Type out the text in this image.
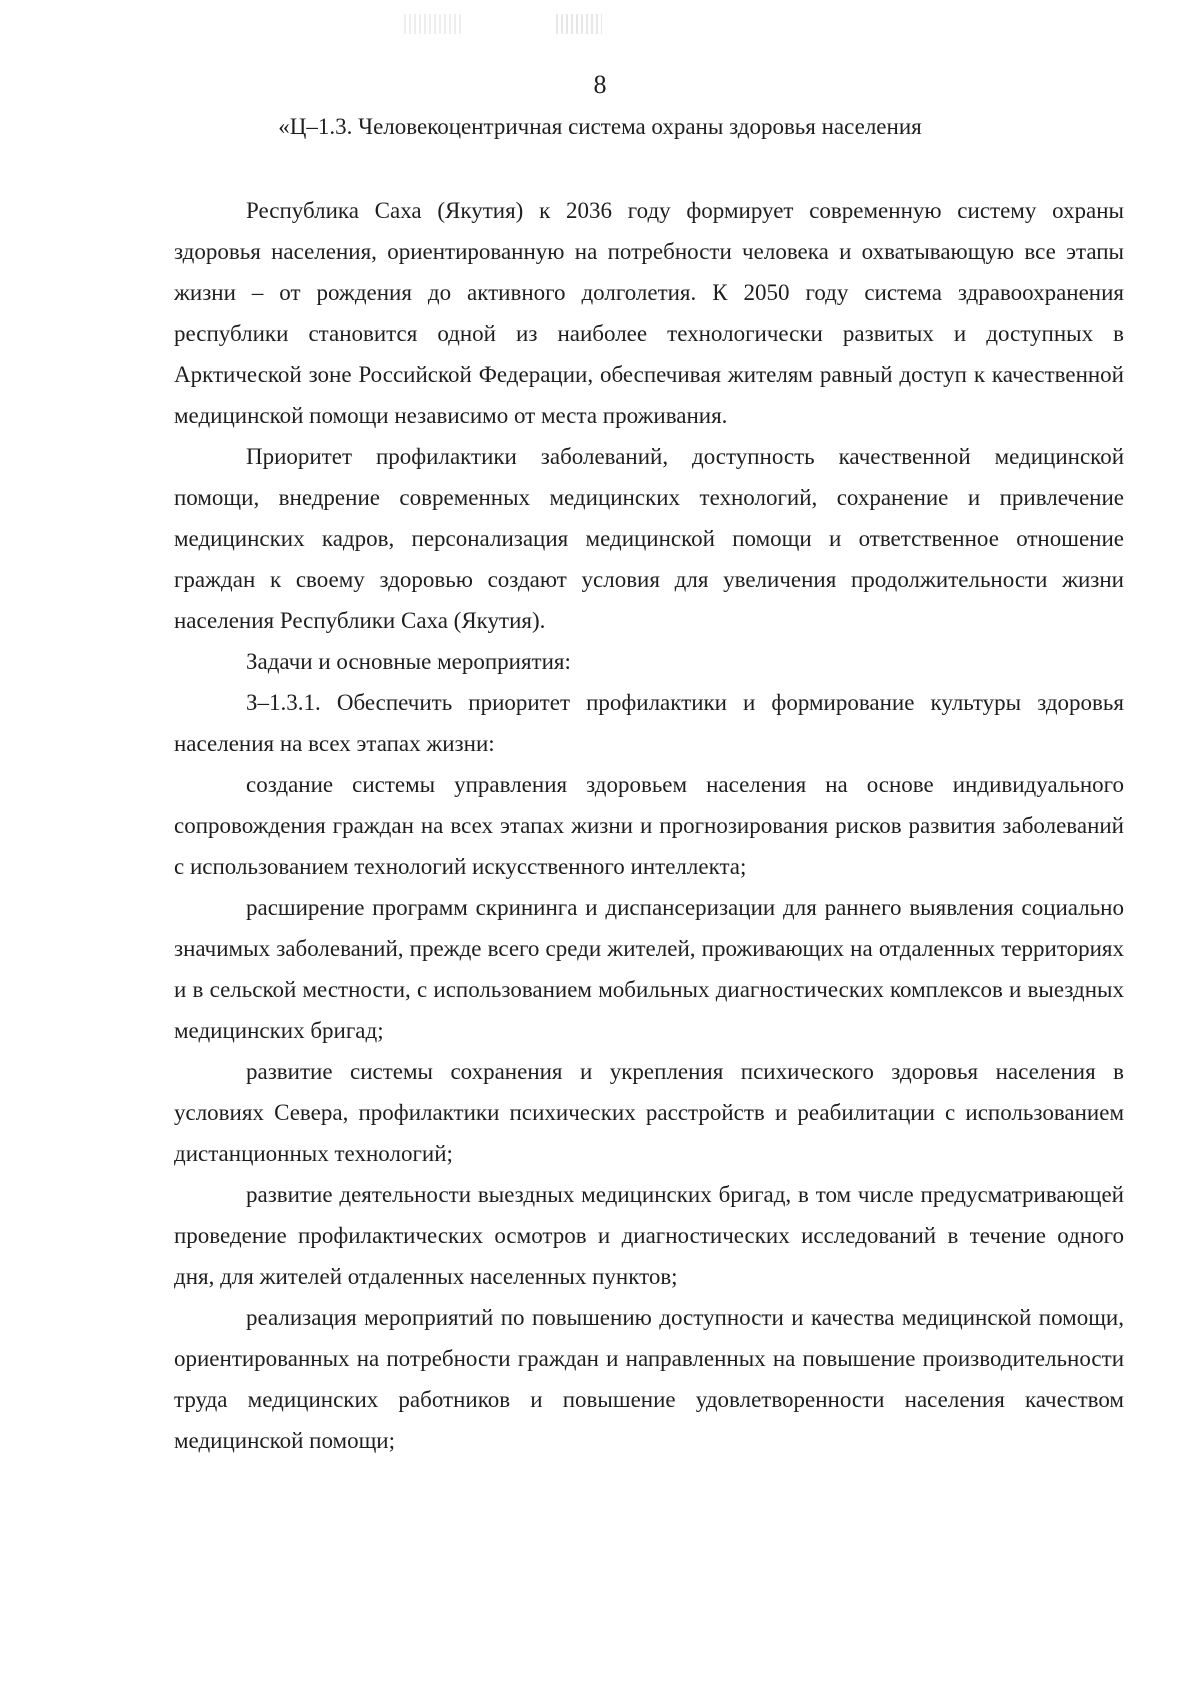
8
«Ц–1.3. Человекоцентричная система охраны здоровья населения

Республика Саха (Якутия) к 2036 году формирует современную систему охраны здоровья населения, ориентированную на потребности человека и охватывающую все этапы жизни – от рождения до активного долголетия. К 2050 году система здравоохранения республики становится одной из наиболее технологически развитых и доступных в Арктической зоне Российской Федерации, обеспечивая жителям равный доступ к качественной медицинской помощи независимо от места проживания.

Приоритет профилактики заболеваний, доступность качественной медицинской помощи, внедрение современных медицинских технологий, сохранение и привлечение медицинских кадров, персонализация медицинской помощи и ответственное отношение граждан к своему здоровью создают условия для увеличения продолжительности жизни населения Республики Саха (Якутия).

Задачи и основные мероприятия:

З–1.3.1. Обеспечить приоритет профилактики и формирование культуры здоровья населения на всех этапах жизни:

создание системы управления здоровьем населения на основе индивидуального сопровождения граждан на всех этапах жизни и прогнозирования рисков развития заболеваний с использованием технологий искусственного интеллекта;

расширение программ скрининга и диспансеризации для раннего выявления социально значимых заболеваний, прежде всего среди жителей, проживающих на отдаленных территориях и в сельской местности, с использованием мобильных диагностических комплексов и выездных медицинских бригад;

развитие системы сохранения и укрепления психического здоровья населения в условиях Севера, профилактики психических расстройств и реабилитации с использованием дистанционных технологий;

развитие деятельности выездных медицинских бригад, в том числе предусматривающей проведение профилактических осмотров и диагностических исследований в течение одного дня, для жителей отдаленных населенных пунктов;

реализация мероприятий по повышению доступности и качества медицинской помощи, ориентированных на потребности граждан и направленных на повышение производительности труда медицинских работников и повышение удовлетворенности населения качеством медицинской помощи;
